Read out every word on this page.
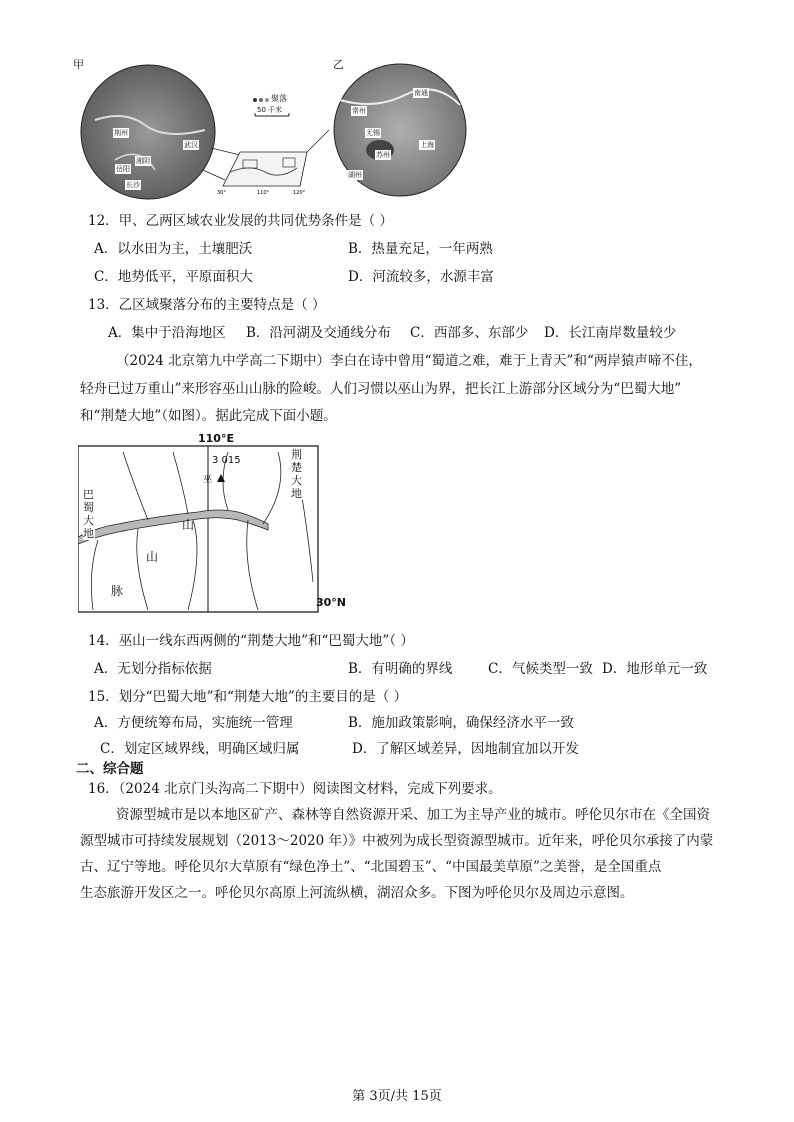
30°	110°	120°
甲	乙
聚落
50 千米
荆州
武汉
湘阴
岳阳
长沙
南通
常州
无锡
苏州
湖州
上海
12．甲、乙两区域农业发展的共同优势条件是（ ）
A．以水田为主，土壤肥沃	B．热量充足，一年两熟
C．地势低平，平原面积大	D．河流较多，水源丰富
13．乙区域聚落分布的主要特点是（ ）
A．集中于沿海地区 B．沿河湖及交通线分布 C．西部多、东部少 D．长江南岸数量较少
（2024 北京第九中学高二下期中）李白在诗中曾用“蜀道之难，难于上青天”和“两岸猿声啼不住，
轻舟已过万重山”来形容巫山山脉的险峻。人们习惯以巫山为界，把长江上游部分区域分为“巴蜀大地”
和“荆楚大地”（如图）。据此完成下面小题。
110°E
30°N
3 015
巫
山
山
脉
巴
蜀
大
地
荆
楚
大
地
14．巫山一线东西两侧的“荆楚大地”和“巴蜀大地”（ ）
A．无划分指标依据	B．有明确的界线	C．气候类型一致 D．地形单元一致
15．划分“巴蜀大地”和“荆楚大地”的主要目的是（ ）
A．方便统筹布局，实施统一管理	B．施加政策影响，确保经济水平一致
C．划定区域界线，明确区域归属	D．了解区域差异，因地制宜加以开发
二、综合题
16．（2024 北京门头沟高二下期中）阅读图文材料，完成下列要求。
资源型城市是以本地区矿产、森林等自然资源开采、加工为主导产业的城市。呼伦贝尔市在《全国资
源型城市可持续发展规划（2013～2020 年）》中被列为成长型资源型城市。近年来，呼伦贝尔承接了内蒙
古、辽宁等地。呼伦贝尔大草原有“绿色净土”、“北国碧玉”、“中国最美草原”之美誉，是全国重点
生态旅游开发区之一。呼伦贝尔高原上河流纵横，湖沼众多。下图为呼伦贝尔及周边示意图。
第 3页/共 15页
